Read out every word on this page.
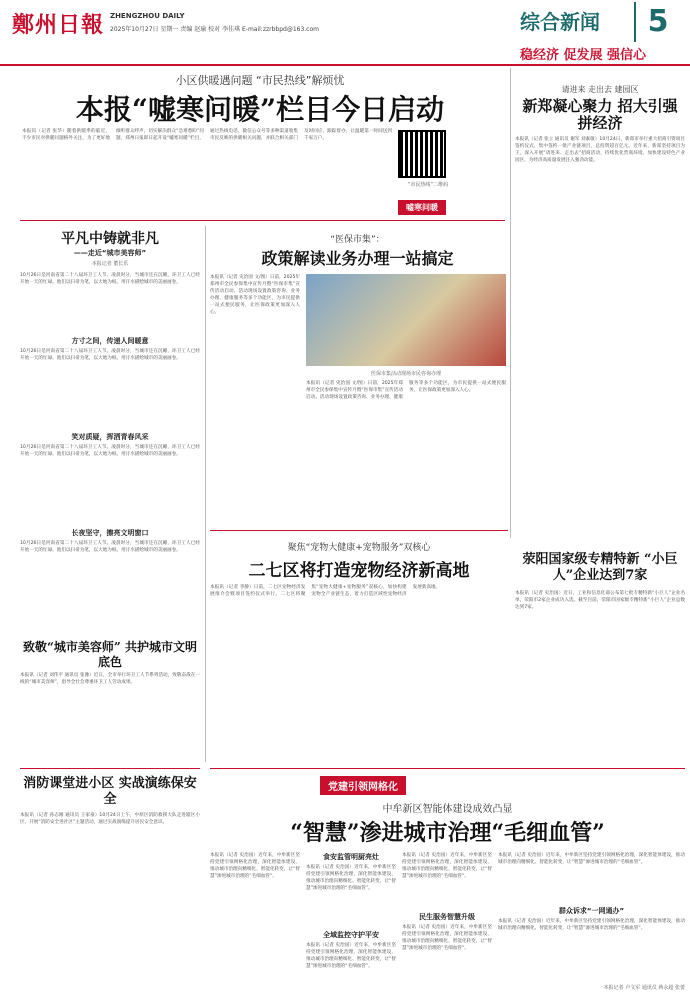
鄭州日報 ZHENGZHOU DAILY
2025年10月27日 星期一 责编 赵瑜 校对 李佳琪 E-mail:zzrbbpd@163.com	综合新闻	5
稳经济 促发展 强信心
小区供暖遇问题 “市民热线”解烦忧
本报“嘘寒问暖”栏目今日启动
本报讯（记者 张华）随着供暖季的临近，不少市民对供暖问题格外关注。为了更好地倾听群众呼声，切实解决群众“急难愁盼”问题，郑州日报即日起开设“嘘寒问暖”栏目，通过热线电话、微信公众号等多种渠道收集市民反映的供暖相关问题，并联合相关部门及时回应、跟踪督办，让温暖第一时间送到千家万户。
“市民热线”二维码
嘘寒问暖
请进来 走出去 建园区
新郑凝心聚力 招大引强拼经济
本报讯（记者 张立 通讯员 谢军 刘素敏）10月24日，新郑市举行重大招商引资项目签约仪式，集中签约一批产业链项目，总投资超百亿元。近年来，新郑坚持项目为王，深入开展“请进来、走出去”招商活动，持续优化营商环境，加快建设特色产业园区，为经济高质量发展注入强劲动能。
平凡中铸就非凡
——走近“城市美容师”
本报记者 董长乐
10月26日是河南省第二十八届环卫工人节。凌晨时分，当城市还在沉睡，环卫工人已经开始一天的忙碌。他们以扫帚为笔，以大地为纸，用汗水描绘城市的美丽画卷。
方寸之间，传递人间暖意
10月26日是河南省第二十八届环卫工人节。凌晨时分，当城市还在沉睡，环卫工人已经开始一天的忙碌。他们以扫帚为笔，以大地为纸，用汗水描绘城市的美丽画卷。
笑对质疑，挥洒青春风采
10月26日是河南省第二十八届环卫工人节。凌晨时分，当城市还在沉睡，环卫工人已经开始一天的忙碌。他们以扫帚为笔，以大地为纸，用汗水描绘城市的美丽画卷。
长夜坚守，擦亮文明窗口
10月26日是河南省第二十八届环卫工人节。凌晨时分，当城市还在沉睡，环卫工人已经开始一天的忙碌。他们以扫帚为笔，以大地为纸，用汗水描绘城市的美丽画卷。
致敬“城市美容师” 共护城市文明底色
本报讯（记者 刘伟平 通讯员 张豫）近日，全市举行环卫工人节系列活动，致敬奋战在一线的“城市美容师”，倡导全社会尊重环卫工人劳动成果。
“医保市集”：
政策解读业务办理一站搞定
本报讯（记者 史治国 文/图）日前，2025年郑州市全民参保集中宣传月暨“医保市集”宣传活动启动。活动现场设置政策咨询、业务办理、健康服务等多个功能区，为市民提供一站式便民服务，让医保政策更加深入人心。
医保市集活动现场市民咨询办理
本报讯（记者 史治国 文/图）日前，2025年郑州市全民参保集中宣传月暨“医保市集”宣传活动启动。活动现场设置政策咨询、业务办理、健康服务等多个功能区，为市民提供一站式便民服务，让医保政策更加深入人心。
荥阳国家级专精特新 “小巨人”企业达到7家
本报讯（记者 史治国）近日，工业和信息化部公布第七批专精特新“小巨人”企业名单，荥阳市2家企业成功入选。截至目前，荥阳市国家级专精特新“小巨人”企业总数达到7家。
聚焦“宠物大健康+宠物服务”双核心
二七区将打造宠物经济新高地
本报讯（记者 李静）日前，二七区宠物经济发展推介会暨项目签约仪式举行。二七区将聚焦“宠物大健康+宠物服务”双核心，加快构建宠物全产业链生态，着力打造区域性宠物经济发展新高地。
消防课堂进小区 实战演练保安全
本报讯（记者 孙志刚 通讯员 王家豪）10月24日上午，中原区消防救援大队走进辖区小区，开展“消防安全进社区”主题活动，通过实战演练提升居民安全意识。
党建引领网格化
中牟新区智能体建设成效凸显
“智慧”渗进城市治理“毛细血管”
本报讯（记者 史治国）近年来，中牟新区坚持党建引领网格化治理，深化智能体建设，推动城市治理向精细化、智能化转变，让“智慧”渗进城市治理的“毛细血管”。
食安监管明厨亮灶
本报讯（记者 史治国）近年来，中牟新区坚持党建引领网格化治理，深化智能体建设，推动城市治理向精细化、智能化转变，让“智慧”渗进城市治理的“毛细血管”。
全域监控守护平安
本报讯（记者 史治国）近年来，中牟新区坚持党建引领网格化治理，深化智能体建设，推动城市治理向精细化、智能化转变，让“智慧”渗进城市治理的“毛细血管”。
民生服务智慧升级
本报讯（记者 史治国）近年来，中牟新区坚持党建引领网格化治理，深化智能体建设，推动城市治理向精细化、智能化转变，让“智慧”渗进城市治理的“毛细血管”。
本报讯（记者 史治国）近年来，中牟新区坚持党建引领网格化治理，深化智能体建设，推动城市治理向精细化、智能化转变，让“智慧”渗进城市治理的“毛细血管”。
本报讯（记者 史治国）近年来，中牟新区坚持党建引领网格化治理，深化智能体建设，推动城市治理向精细化、智能化转变，让“智慧”渗进城市治理的“毛细血管”。
群众诉求“一网通办”
本报讯（记者 史治国）近年来，中牟新区坚持党建引领网格化治理，深化智能体建设，推动城市治理向精细化、智能化转变，让“智慧”渗进城市治理的“毛细血管”。
本报记者 卢文军 通讯员 蒋永超 张蕾
